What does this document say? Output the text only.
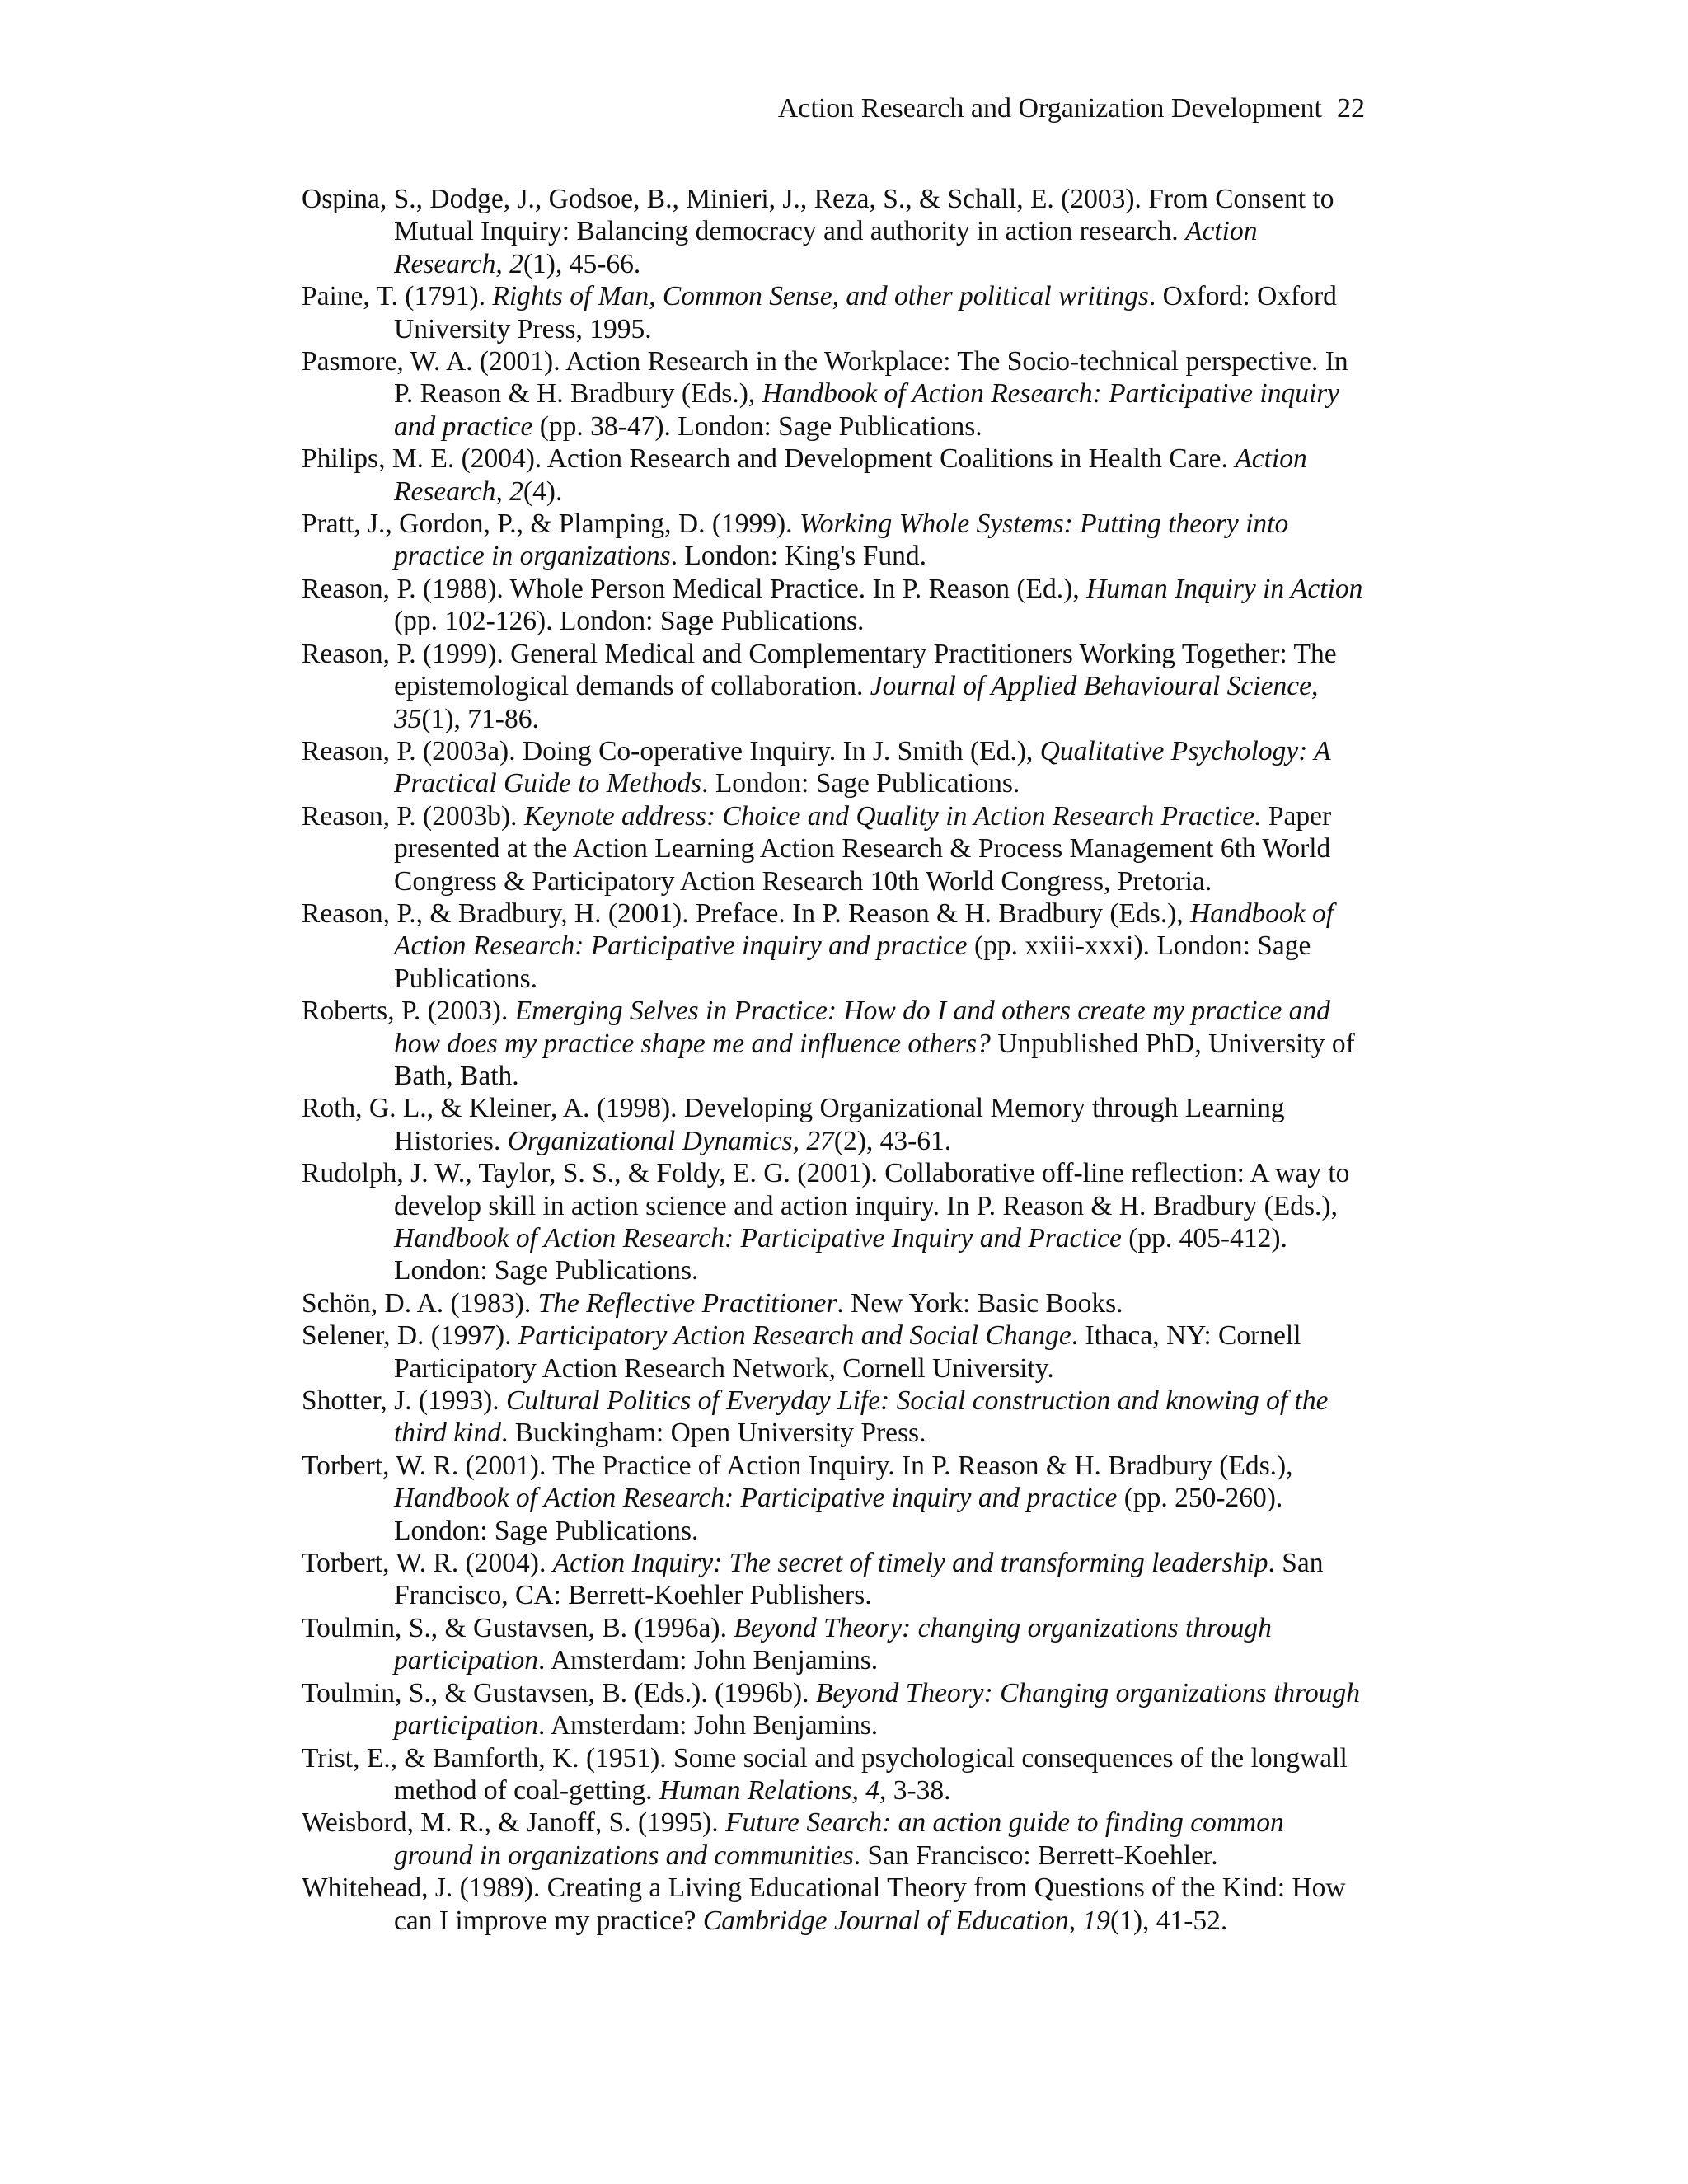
Action Research and Organization Development 22
Ospina, S., Dodge, J., Godsoe, B., Minieri, J., Reza, S., & Schall, E. (2003). From Consent to Mutual Inquiry: Balancing democracy and authority in action research. Action Research, 2(1), 45-66.
Paine, T. (1791). Rights of Man, Common Sense, and other political writings. Oxford: Oxford University Press, 1995.
Pasmore, W. A. (2001). Action Research in the Workplace: The Socio-technical perspective. In P. Reason & H. Bradbury (Eds.), Handbook of Action Research: Participative inquiry and practice (pp. 38-47). London: Sage Publications.
Philips, M. E. (2004). Action Research and Development Coalitions in Health Care. Action Research, 2(4).
Pratt, J., Gordon, P., & Plamping, D. (1999). Working Whole Systems: Putting theory into practice in organizations. London: King's Fund.
Reason, P. (1988). Whole Person Medical Practice. In P. Reason (Ed.), Human Inquiry in Action (pp. 102-126). London: Sage Publications.
Reason, P. (1999). General Medical and Complementary Practitioners Working Together: The epistemological demands of collaboration. Journal of Applied Behavioural Science, 35(1), 71-86.
Reason, P. (2003a). Doing Co-operative Inquiry. In J. Smith (Ed.), Qualitative Psychology: A Practical Guide to Methods. London: Sage Publications.
Reason, P. (2003b). Keynote address: Choice and Quality in Action Research Practice. Paper presented at the Action Learning Action Research & Process Management 6th World Congress & Participatory Action Research 10th World Congress, Pretoria.
Reason, P., & Bradbury, H. (2001). Preface. In P. Reason & H. Bradbury (Eds.), Handbook of Action Research: Participative inquiry and practice (pp. xxiii-xxxi). London: Sage Publications.
Roberts, P. (2003). Emerging Selves in Practice: How do I and others create my practice and how does my practice shape me and influence others? Unpublished PhD, University of Bath, Bath.
Roth, G. L., & Kleiner, A. (1998). Developing Organizational Memory through Learning Histories. Organizational Dynamics, 27(2), 43-61.
Rudolph, J. W., Taylor, S. S., & Foldy, E. G. (2001). Collaborative off-line reflection: A way to develop skill in action science and action inquiry. In P. Reason & H. Bradbury (Eds.), Handbook of Action Research: Participative Inquiry and Practice (pp. 405-412). London: Sage Publications.
Schön, D. A. (1983). The Reflective Practitioner. New York: Basic Books.
Selener, D. (1997). Participatory Action Research and Social Change. Ithaca, NY: Cornell Participatory Action Research Network, Cornell University.
Shotter, J. (1993). Cultural Politics of Everyday Life: Social construction and knowing of the third kind. Buckingham: Open University Press.
Torbert, W. R. (2001). The Practice of Action Inquiry. In P. Reason & H. Bradbury (Eds.), Handbook of Action Research: Participative inquiry and practice (pp. 250-260). London: Sage Publications.
Torbert, W. R. (2004). Action Inquiry: The secret of timely and transforming leadership. San Francisco, CA: Berrett-Koehler Publishers.
Toulmin, S., & Gustavsen, B. (1996a). Beyond Theory: changing organizations through participation. Amsterdam: John Benjamins.
Toulmin, S., & Gustavsen, B. (Eds.). (1996b). Beyond Theory: Changing organizations through participation. Amsterdam: John Benjamins.
Trist, E., & Bamforth, K. (1951). Some social and psychological consequences of the longwall method of coal-getting. Human Relations, 4, 3-38.
Weisbord, M. R., & Janoff, S. (1995). Future Search: an action guide to finding common ground in organizations and communities. San Francisco: Berrett-Koehler.
Whitehead, J. (1989). Creating a Living Educational Theory from Questions of the Kind: How can I improve my practice? Cambridge Journal of Education, 19(1), 41-52.
